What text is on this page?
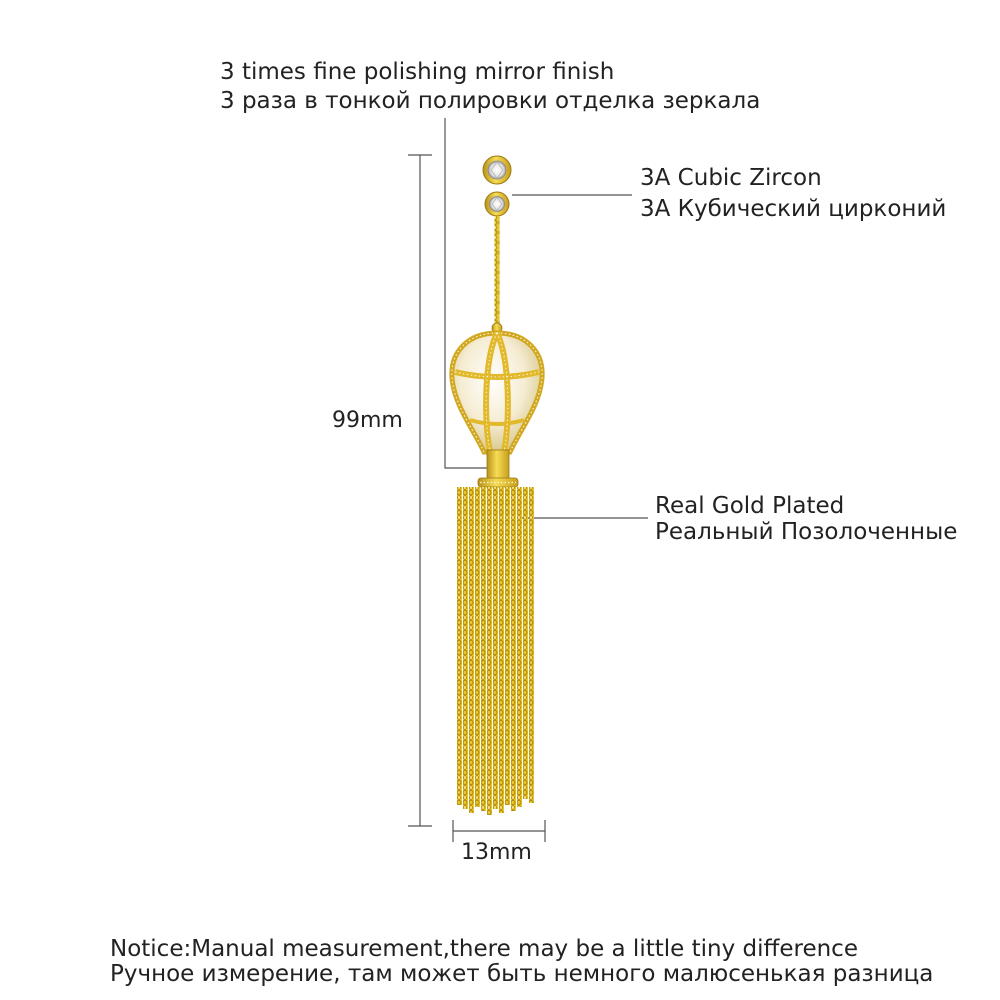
3 times fine polishing mirror finish

3 раза в тонкой полировки отделка зеркала

3A Cubic Zircon

3A Кубический цирконий

Real Gold Plated

Реальный Позолоченные

99mm

13mm

Notice:Manual measurement,there may be a little tiny difference

Ручное измерение, там может быть немного малюсенькая разница
